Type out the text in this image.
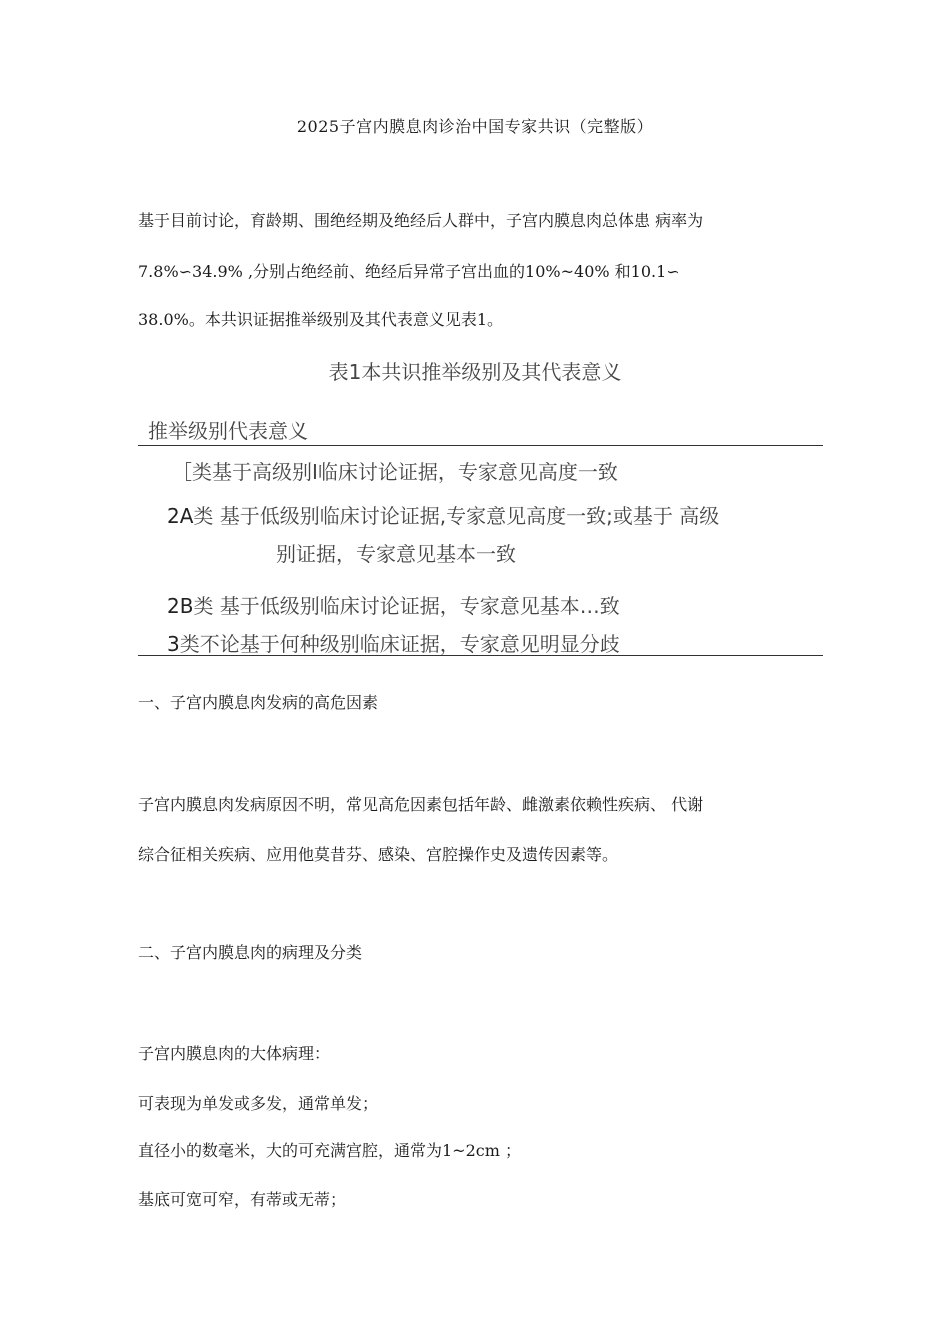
2025子宫内膜息肉诊治中国专家共识（完整版）
基于目前讨论，育龄期、围绝经期及绝经后人群中，子宫内膜息肉总体患 病率为
7.8%∽34.9% ,分别占绝经前、绝经后异常子宫出血的10%~40% 和10.1∽
38.0%。本共识证据推举级别及其代表意义见表1。
表1本共识推举级别及其代表意义
推举级别代表意义
［类基于高级别I临床讨论证据，专家意见高度一致
2A类 基于低级别临床讨论证据,专家意见高度一致;或基于 高级
别证据，专家意见基本一致
2B类 基于低级别临床讨论证据，专家意见基本…致
3类不论基于何种级别临床证据，专家意见明显分歧
一、子宫内膜息肉发病的高危因素
子宫内膜息肉发病原因不明，常见高危因素包括年龄、雌激素依赖性疾病、 代谢
综合征相关疾病、应用他莫昔芬、感染、宫腔操作史及遗传因素等。
二、子宫内膜息肉的病理及分类
子宫内膜息肉的大体病理：
可表现为单发或多发，通常单发；
直径小的数毫米，大的可充满宫腔，通常为1~2cm ；
基底可宽可窄，有蒂或无蒂；
